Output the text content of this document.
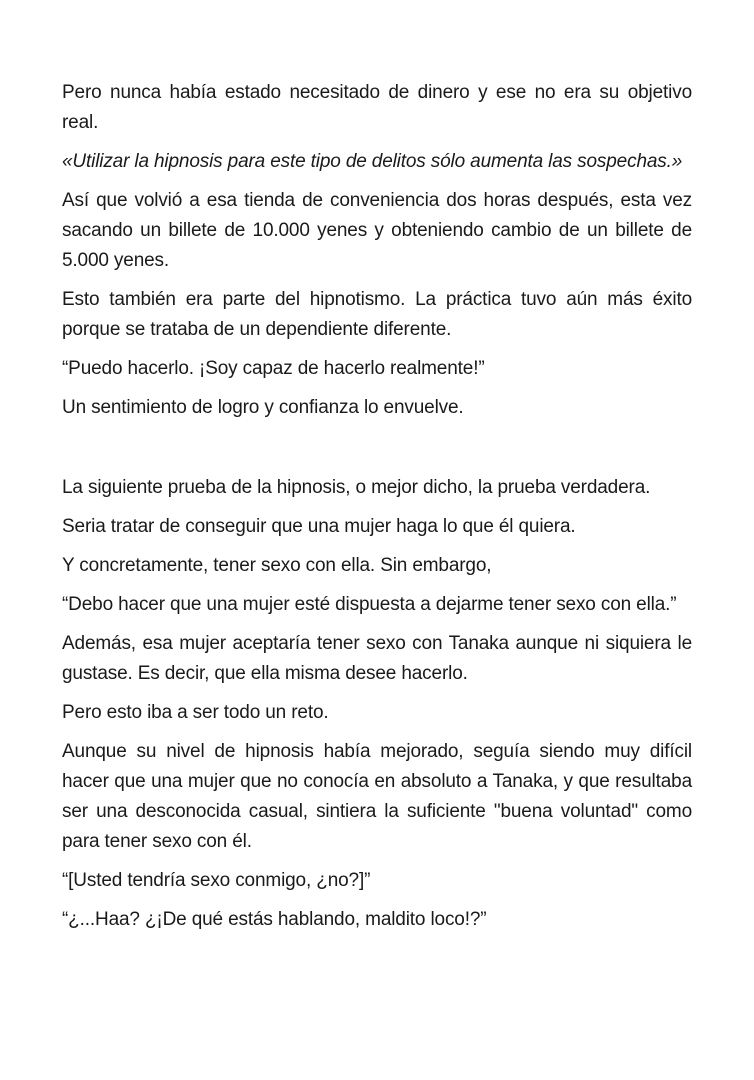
Pero nunca había estado necesitado de dinero y ese no era su objetivo real.

«Utilizar la hipnosis para este tipo de delitos sólo aumenta las sospechas.»

Así que volvió a esa tienda de conveniencia dos horas después, esta vez sacando un billete de 10.000 yenes y obteniendo cambio de un billete de 5.000 yenes.

Esto también era parte del hipnotismo. La práctica tuvo aún más éxito porque se trataba de un dependiente diferente.

“Puedo hacerlo. ¡Soy capaz de hacerlo realmente!”

Un sentimiento de logro y confianza lo envuelve.

La siguiente prueba de la hipnosis, o mejor dicho, la prueba verdadera.

Seria tratar de conseguir que una mujer haga lo que él quiera.

Y concretamente, tener sexo con ella. Sin embargo,

“Debo hacer que una mujer esté dispuesta a dejarme tener sexo con ella.”

Además, esa mujer aceptaría tener sexo con Tanaka aunque ni siquiera le gustase. Es decir, que ella misma desee hacerlo.

Pero esto iba a ser todo un reto.

Aunque su nivel de hipnosis había mejorado, seguía siendo muy difícil hacer que una mujer que no conocía en absoluto a Tanaka, y que resultaba ser una desconocida casual, sintiera la suficiente "buena voluntad" como para tener sexo con él.

“[Usted tendría sexo conmigo, ¿no?]”

“¿...Haa? ¿¡De qué estás hablando, maldito loco!?”
